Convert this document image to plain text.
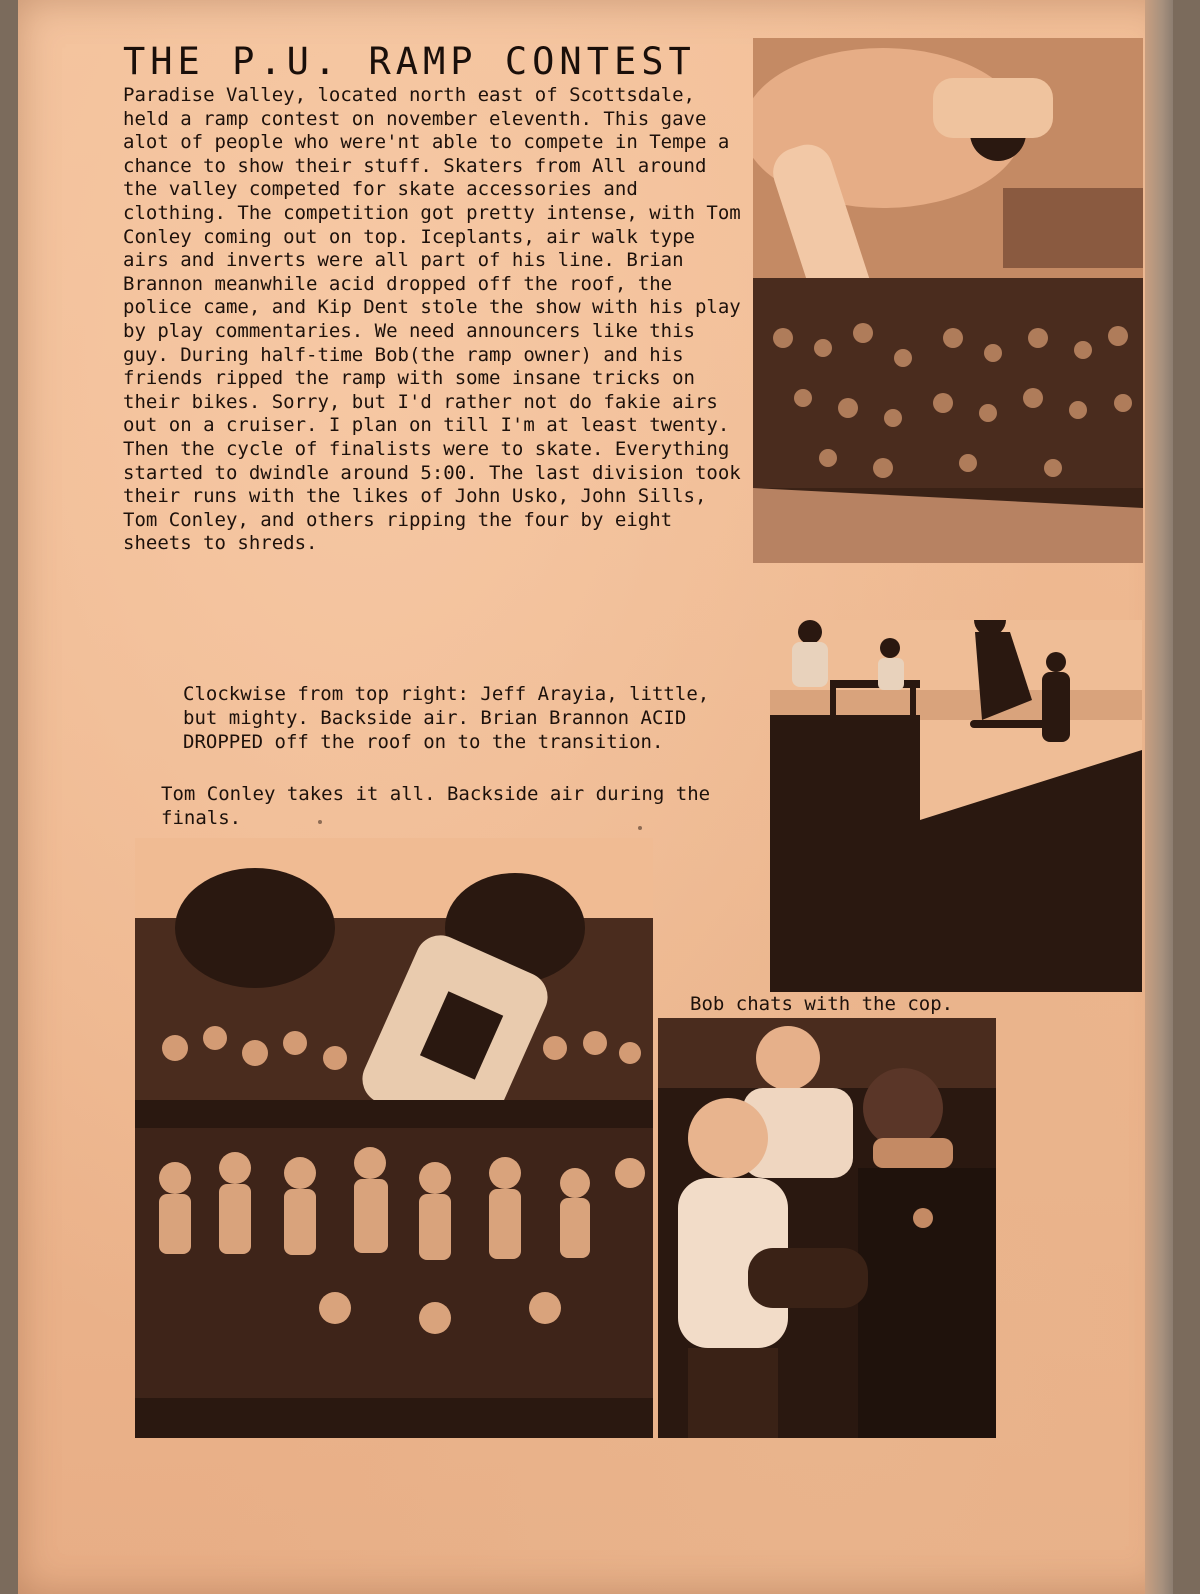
THE P.U. RAMP CONTEST

Paradise Valley, located north east of Scottsdale, held a ramp contest on november eleventh. This gave alot of people who were'nt able to compete in Tempe a chance to show their stuff. Skaters from All around the valley competed for skate accessories and clothing. The competition got pretty intense, with Tom Conley coming out on top. Iceplants, air walk type airs and inverts were all part of his line. Brian Brannon meanwhile acid dropped off the roof, the police came, and Kip Dent stole the show with his play by play commentaries. We need announcers like this guy. During half-time Bob(the ramp owner) and his friends ripped the ramp with some insane tricks on their bikes. Sorry, but I'd rather not do fakie airs out on a cruiser. I plan on till I'm at least twenty. Then the cycle of finalists were to skate. Everything started to dwindle around 5:00. The last division took their runs with the likes of John Usko, John Sills, Tom Conley, and others ripping the four by eight sheets to shreds.

Clockwise from top right: Jeff Arayia, little, but mighty. Backside air. Brian Brannon ACID DROPPED off the roof on to the transition.
Tom Conley takes it all. Backside air during the finals.
Bob chats with the cop.
